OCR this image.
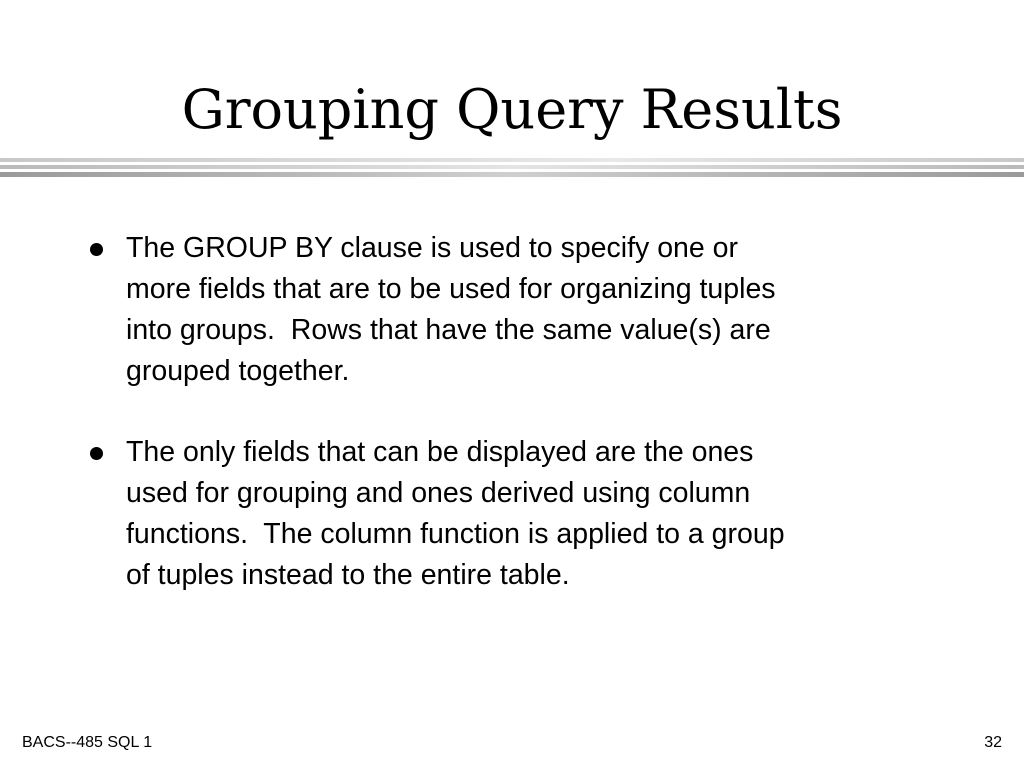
Grouping Query Results
The GROUP BY clause is used to specify one or
more fields that are to be used for organizing tuples
into groups.  Rows that have the same value(s) are
grouped together.
The only fields that can be displayed are the ones
used for grouping and ones derived using column
functions.  The column function is applied to a group
of tuples instead to the entire table.
BACS--485 SQL 1	32
